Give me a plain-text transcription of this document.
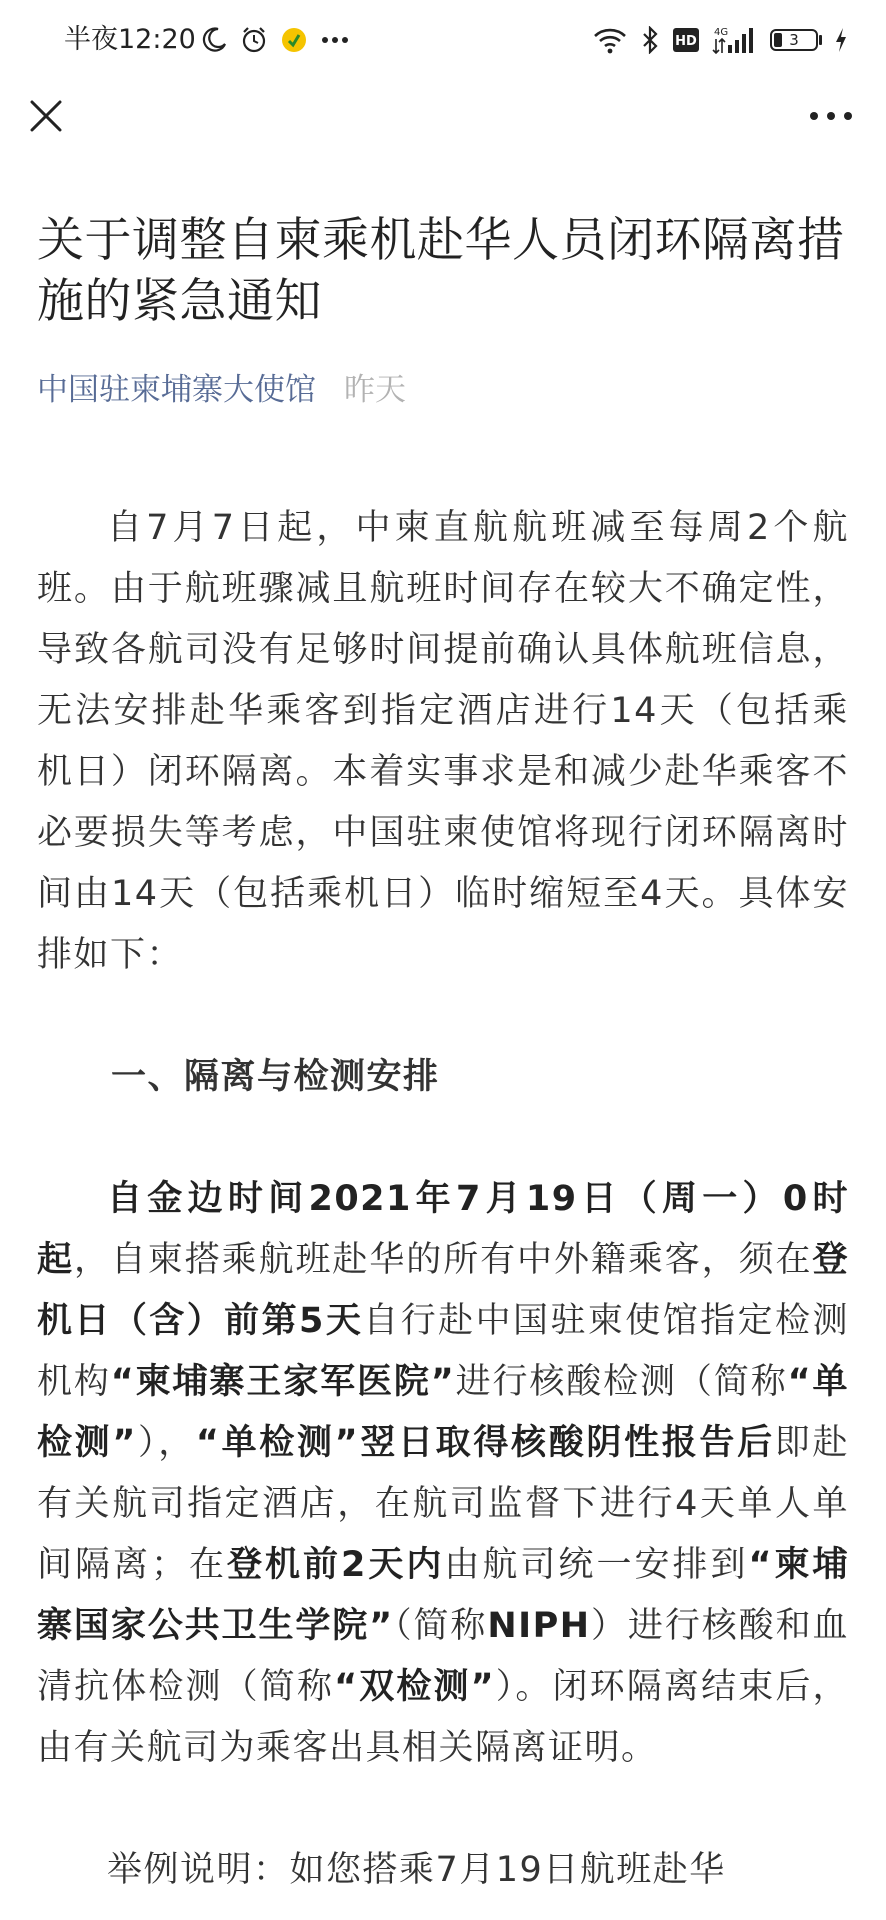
半夜12:20	HD
4G	3
关于调整自柬乘机赴华人员闭环隔离措施的紧急通知
中国驻柬埔寨大使馆 昨天

自7月7日起，中柬直航航班减至每周2个航班。由于航班骤减且航班时间存在较大不确定性，导致各航司没有足够时间提前确认具体航班信息，无法安排赴华乘客到指定酒店进行14天（包括乘机日）闭环隔离。本着实事求是和减少赴华乘客不必要损失等考虑，中国驻柬使馆将现行闭环隔离时间由14天（包括乘机日）临时缩短至4天。具体安排如下：

一、隔离与检测安排

自金边时间2021年7月19日（周一）0时起，自柬搭乘航班赴华的所有中外籍乘客，须在登机日（含）前第5天自行赴中国驻柬使馆指定检测机构“柬埔寨王家军医院”进行核酸检测（简称“单检测”），“单检测”翌日取得核酸阴性报告后即赴有关航司指定酒店，在航司监督下进行4天单人单间隔离；在登机前2天内由航司统一安排到“柬埔寨国家公共卫生学院”（简称NIPH）进行核酸和血清抗体检测（简称“双检测”）。闭环隔离结束后，由有关航司为乘客出具相关隔离证明。

举例说明：如您搭乘7月19日航班赴华
